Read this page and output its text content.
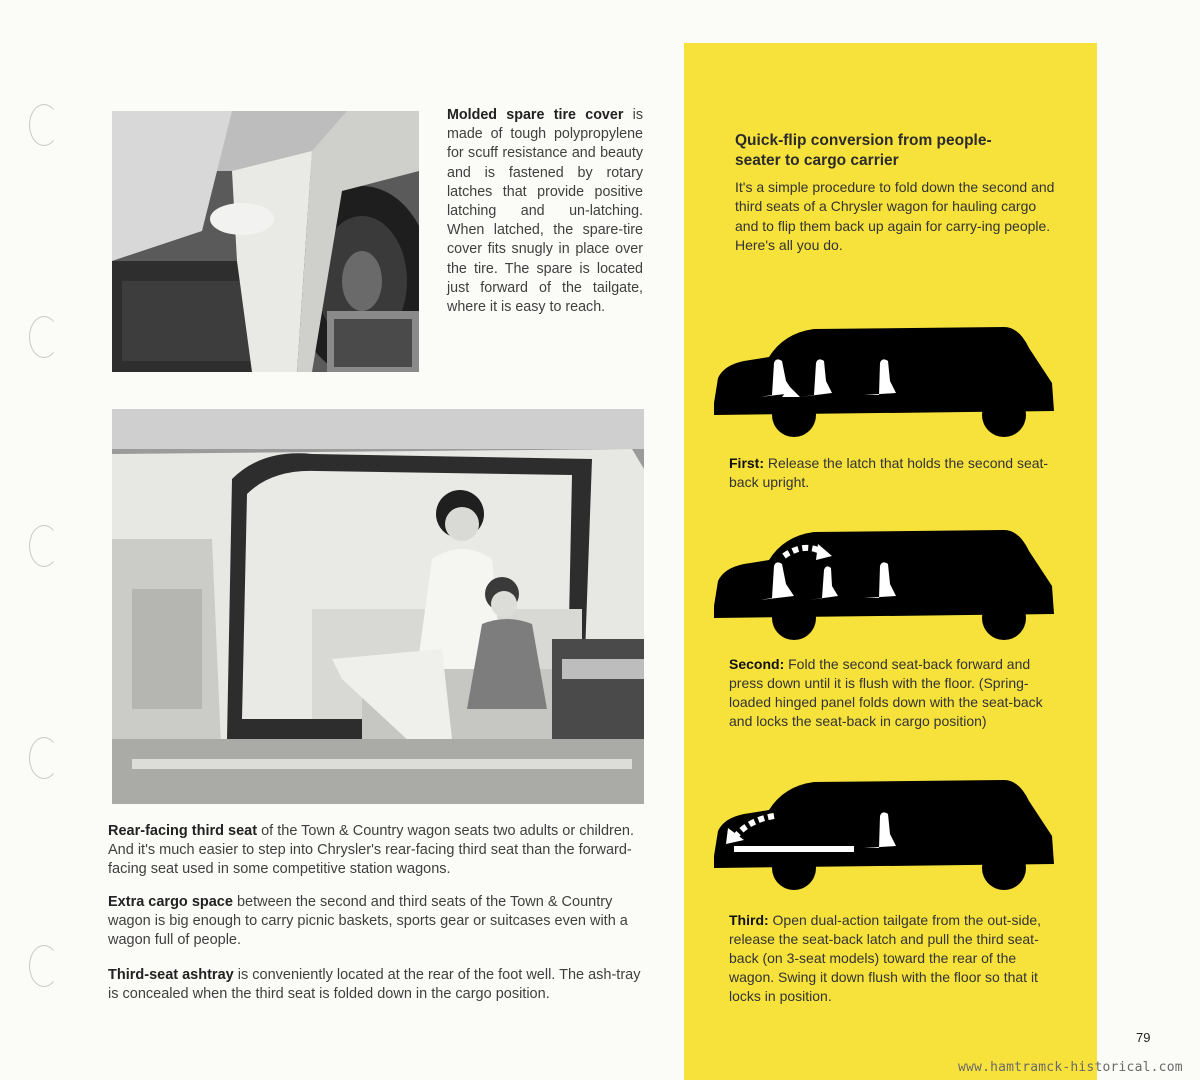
Molded spare tire cover is made of tough polypropylene for scuff resistance and beauty and is fastened by rotary latches that provide positive latching and un-latching. When latched, the spare-tire cover fits snugly in place over the tire. The spare is located just forward of the tailgate, where it is easy to reach.
Rear-facing third seat of the Town & Country wagon seats two adults or children. And it's much easier to step into Chrysler's rear-facing third seat than the forward-facing seat used in some competitive station wagons.
Extra cargo space between the second and third seats of the Town & Country wagon is big enough to carry picnic baskets, sports gear or suitcases even with a wagon full of people.
Third-seat ashtray is conveniently located at the rear of the foot well. The ash-tray is concealed when the third seat is folded down in the cargo position.
Quick-flip conversion from people-seater to cargo carrier
It's a simple procedure to fold down the second and third seats of a Chrysler wagon for hauling cargo and to flip them back up again for carry-ing people. Here's all you do.
First: Release the latch that holds the second seat-back upright.
Second: Fold the second seat-back forward and press down until it is flush with the floor. (Spring-loaded hinged panel folds down with the seat-back and locks the seat-back in cargo position)
Third: Open dual-action tailgate from the out-side, release the seat-back latch and pull the third seat-back (on 3-seat models) toward the rear of the wagon. Swing it down flush with the floor so that it locks in position.
79
www.hamtramck-historical.com
